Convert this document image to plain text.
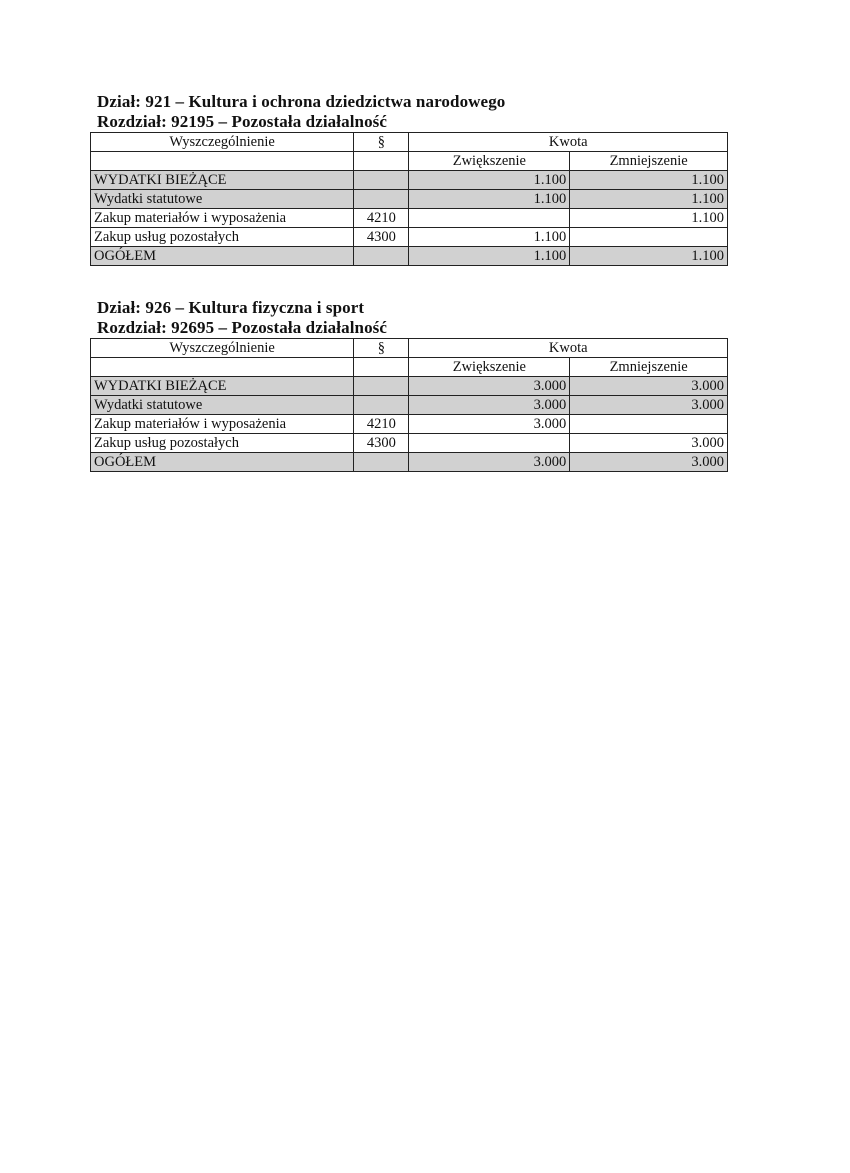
Dział: 921 – Kultura i ochrona dziedzictwa narodowego
Rozdział: 92195 – Pozostała działalność
Wyszczególnienie	§	Kwota	
		Zwiększenie	Zmniejszenie
WYDATKI BIEŻĄCE		1.100	1.100
Wydatki statutowe		1.100	1.100
Zakup materiałów i wyposażenia	4210		1.100
Zakup usług pozostałych	4300	1.100	
OGÓŁEM		1.100	1.100
Dział: 926 – Kultura fizyczna i sport
Rozdział: 92695 – Pozostała działalność
Wyszczególnienie	§	Kwota	
		Zwiększenie	Zmniejszenie
WYDATKI BIEŻĄCE		3.000	3.000
Wydatki statutowe		3.000	3.000
Zakup materiałów i wyposażenia	4210	3.000	
Zakup usług pozostałych	4300		3.000
OGÓŁEM		3.000	3.000
